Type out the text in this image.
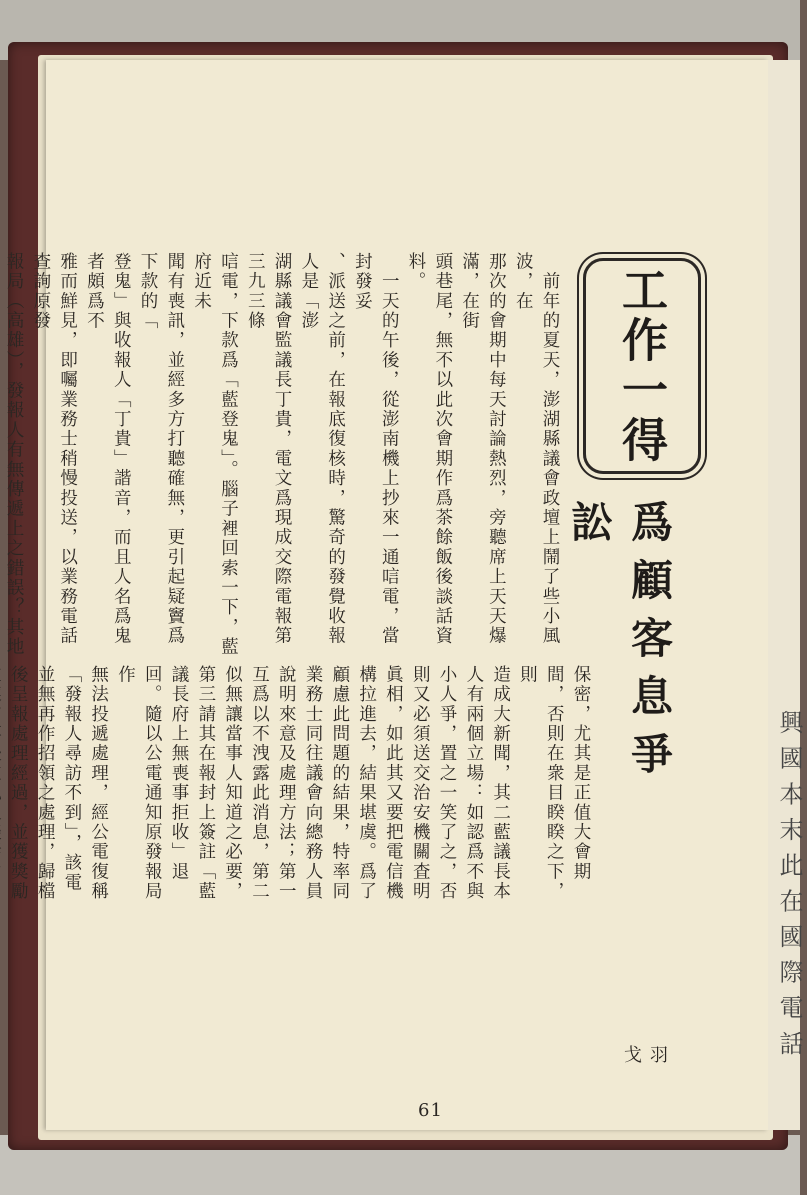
　前年的夏天，澎湖縣議會政壇上鬧了些小風波，在
那次的會期中每天討論熱烈，旁聽席上天天爆滿，在街
頭巷尾，無不以此次會期作爲茶餘飯後談話資料。
　一天的午後，從澎南機上抄來一通唁電，當封發妥
、派送之前，在報底復核時，驚奇的發覺收報人是「澎
湖縣議會監議長丁貴，電文爲現成交際電報第三九三條
唁電，下款爲「藍登鬼」。腦子裡回索一下，藍府近未
聞有喪訊，並經多方打聽確無，更引起疑竇爲下款的「
登鬼」與收報人「丁貴」諧音，而且人名爲鬼者頗爲不
雅而鮮見，即囑業務士稍慢投送，以業務電話查詢原發
報局（高雄），發報人有無傳遞上之錯誤？其地

保密，尤其是正值大會期間，否則在衆目睽睽之下，則
造成大新聞，其二藍議長本人有兩個立場：如認爲不與
小人爭，置之一笑了之，否則又必須送交治安機關査明
眞相，如此其又要把電信機構拉進去，結果堪虞。爲了
顧慮此問題的結果，特率同業務士同往議會向總務人員
說明來意及處理方法；第一互爲以不洩露此消息，第二
似無讓當事人知道之必要，第三請其在報封上簽註「藍
議長府上無喪事拒收」退回。隨以公電通知原發報局作
無法投遞處理，經公電復稱「發報人尋訪不到」，該電
並無再作招領之處理，歸檔後呈報處理經過，並獲獎勵

工作一得
爲顧客息爭訟
羽 戈
61
興 國 本 末 此 在 國 際 電 話
